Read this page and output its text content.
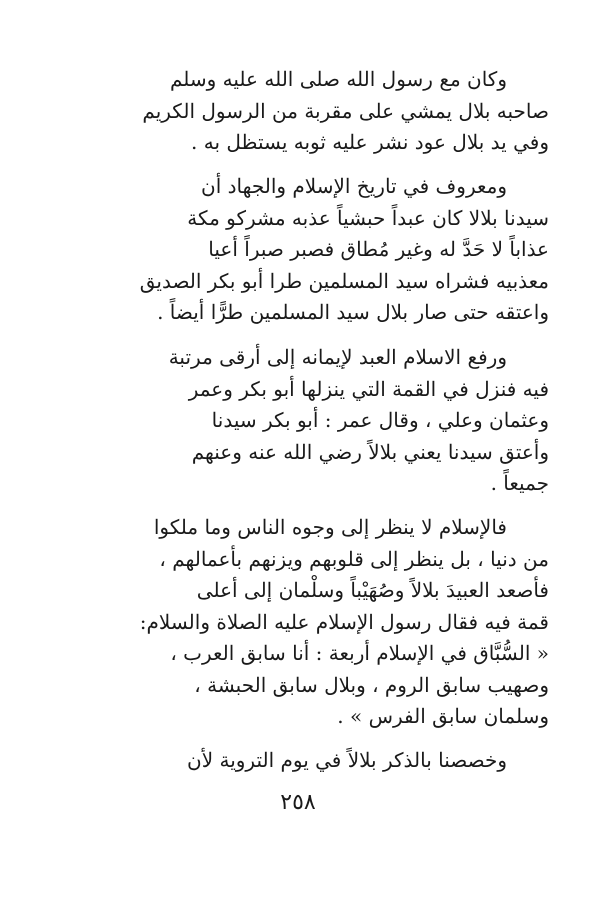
وكان مع رسول الله صلى الله عليه وسلم
صاحبه بلال يمشي على مقربة من الرسول الكريم
وفي يد بلال عود نشر عليه ثوبه يستظل به .

ومعروف في تاريخ الإسلام والجهاد أن
سيدنا بلالا كان عبداً حبشياً عذبه مشركو مكة
عذاباً لا حَدَّ له وغير مُطاق فصبر صبراً أعيا
معذبيه فشراه سيد المسلمين طرا أبو بكر الصديق
واعتقه حتى صار بلال سيد المسلمين طرًّا أيضاً .

ورفع الاسلام العبد لإيمانه إلى أرقى مرتبة
فيه فنزل في القمة التي ينزلها أبو بكر وعمر
وعثمان وعلي ، وقال عمر : أبو بكر سيدنا
وأعتق سيدنا يعني بلالاً رضي الله عنه وعنهم
جميعاً .

فالإسلام لا ينظر إلى وجوه الناس وما ملكوا
من دنيا ، بل ينظر إلى قلوبهم ويزنهم بأعمالهم ،
فأصعد العبيدَ بلالاً وصُهَيْباً وسلْمان إلى أعلى
قمة فيه فقال رسول الإسلام عليه الصلاة والسلام:
« السُّبَّاق في الإسلام أربعة : أنا سابق العرب ،
وصهيب سابق الروم ، وبلال سابق الحبشة ،
وسلمان سابق الفرس » .

وخصصنا بالذكر بلالاً في يوم التروية لأن

٢٥٨
